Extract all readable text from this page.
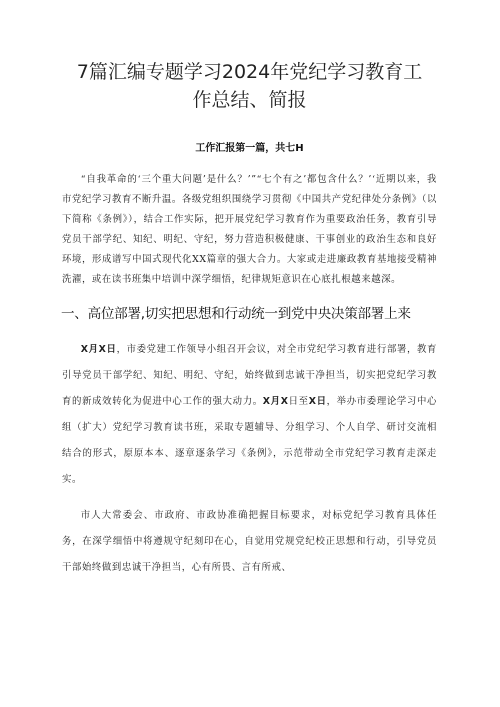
7篇汇编专题学习2024年党纪学习教育工
作总结、简报

工作汇报第一篇，共七H

“自我革命的‘三个重大问题’是什么？’”“七个有之’都包含什么？’‘近期以来，我市党纪学习教育不断升温。各级党组织围绕学习贯彻《中国共产党纪律处分条例》（以下简称《条例》），结合工作实际，把开展党纪学习教育作为重要政治任务，教育引导党员干部学纪、知纪、明纪、守纪，努力营造积极健康、干事创业的政治生态和良好环境，形成谱写中国式现代化XX篇章的强大合力。大家或走进廉政教育基地接受精神洗濯，或在读书班集中培训中深学细悟，纪律规矩意识在心底扎根越来越深。

一、高位部署,切实把思想和行动统一到党中央决策部署上来

X月X日，市委党建工作领导小组召开会议，对全市党纪学习教育进行部署，教育引导党员干部学纪、知纪、明纪、守纪，始终做到忠诚干净担当，切实把党纪学习教育的新成效转化为促进中心工作的强大动力。X月X日至X日，举办市委理论学习中心组（扩大）党纪学习教育读书班，采取专题辅导、分组学习、个人自学、研讨交流相结合的形式，原原本本、逐章逐条学习《条例》，示范带动全市党纪学习教育走深走实。

市人大常委会、市政府、市政协准确把握目标要求，对标党纪学习教育具体任务，在深学细悟中将遵规守纪刻印在心，自觉用党规党纪校正思想和行动，引导党员干部始终做到忠诚干净担当，心有所畏、言有所戒、
